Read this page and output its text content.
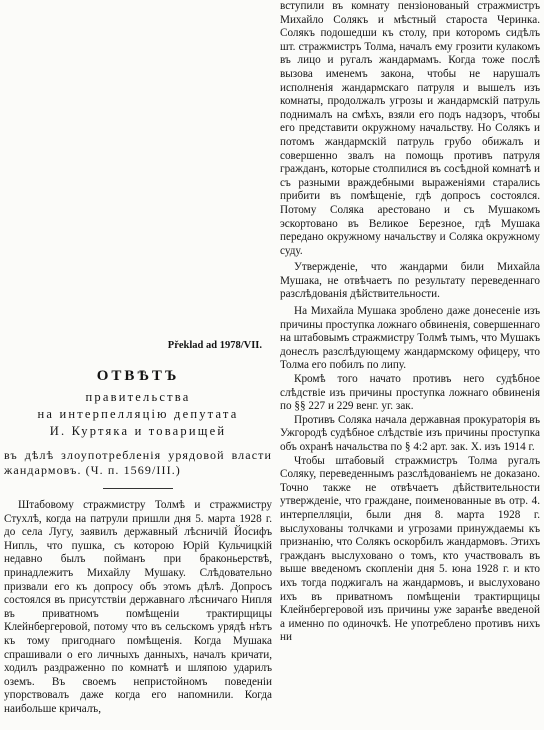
Překlad ad 1978/VII.

ОТВѢТЪ
правительства
на интерпелляцію депутата
И. Куртяка и товарищей

въ дѣлѣ злоупотребленія урядовой власти жандармовъ. (Ч. п. 1569/III.)

Штабовому стражмистру Толмѣ и стражмистру Стухлѣ, когда на патрули пришли дня 5. марта 1928 г. до села Лугу, заявилъ державный лѣсничій Йосифъ Нипль, что пушка, съ которою Юрій Кульчицкій недавно былъ пойманъ при браконьерствѣ, принадлежитъ Михайлу Мушаку. Слѣдовательно призвали его къ допросу объ этомъ дѣлѣ. Допросъ состоялся въ присутствіи державнаго лѣсничаго Нипля въ приватномъ помѣщеніи трактирщицы Клейнбергеровой, потому что въ сельскомъ урядѣ нѣтъ къ тому пригоднаго помѣщенія. Когда Мушака спрашивали о его личныхъ данныхъ, началъ кричати, ходилъ раздраженно по комнатѣ и шляпою ударилъ оземъ. Въ своемъ непристойномъ поведеніи упорствовалъ даже когда его напомнили. Когда наибольше кричалъ,

вступили въ комнату пензіонованый стражмистръ Михайло Солякъ и мѣстный староста Черинка. Солякъ подошедши къ столу, при которомъ сидѣлъ шт. стражмистръ Толма, началъ ему грозити кулакомъ въ лицо и ругалъ жандармамъ. Когда тоже послѣ вызова именемъ закона, чтобы не нарушалъ исполненія жандармскаго патруля и вышелъ изъ комнаты, продолжалъ угрозы и жандармскій патруль поднималъ на смѣхъ, взяли его подъ надзоръ, чтобы его представити окружному начальству. Но Солякъ и потомъ жандармскій патруль грубо обижалъ и совершенно звалъ на помощь противъ патруля гражданъ, которые столпилися въ сосѣдной комнатѣ и съ разными враждебными выраженіями старались прибити въ помѣщеніе, гдѣ допросъ состоялся. Потому Соляка арестовано и съ Мушакомъ эскортовано въ Великое Березное, гдѣ Мушака передано окружному начальству и Соляка окружному суду.

Утвержденіе, что жандарми били Михайла Мушака, не отвѣчаетъ по результату переведеннаго разслѣдованія дѣйствительности.

На Михайла Мушака зроблено даже донесеніе изъ причины проступка ложнаго обвиненія, совершеннаго на штабовымъ стражмистру Толмѣ тымъ, что Мушакъ донеслъ разслѣдующему жандармскому офицеру, что Толма его побилъ по липу.

Кромѣ того начато противъ него судѣбное слѣдствіе изъ причины проступка ложнаго обвиненія по §§ 227 и 229 венг. уг. зак.

Противъ Соляка начала державная прокураторія въ Ужгородѣ судѣбное слѣдствіе изъ причины проступка объ охранѣ начальства по § 4:2 арт. зак. Х. изъ 1914 г.

Чтобы штабовый стражмистръ Толма ругалъ Соляку, переведеннымъ разслѣдованіемъ не доказано. Точно также не отвѣчаетъ дѣйствительности утвержденіе, что граждане, поименованные въ отр. 4. интерпелляціи, были дня 8. марта 1928 г. выслухованы толчками и угрозами принуждаемы къ признанію, что Солякъ оскорбилъ жандармовъ. Этихъ гражданъ выслуховано о томъ, кто участвовалъ въ выше введеномъ скопленіи дня 5. юна 1928 г. и кто ихъ тогда поджигалъ на жандармовъ, и выслуховано ихъ въ приватномъ помѣщеніи трактирщицы Клейнбергеровой изъ причины уже заранѣе введеной а именно по одиночкѣ. Не употреблено противъ нихъ ни
